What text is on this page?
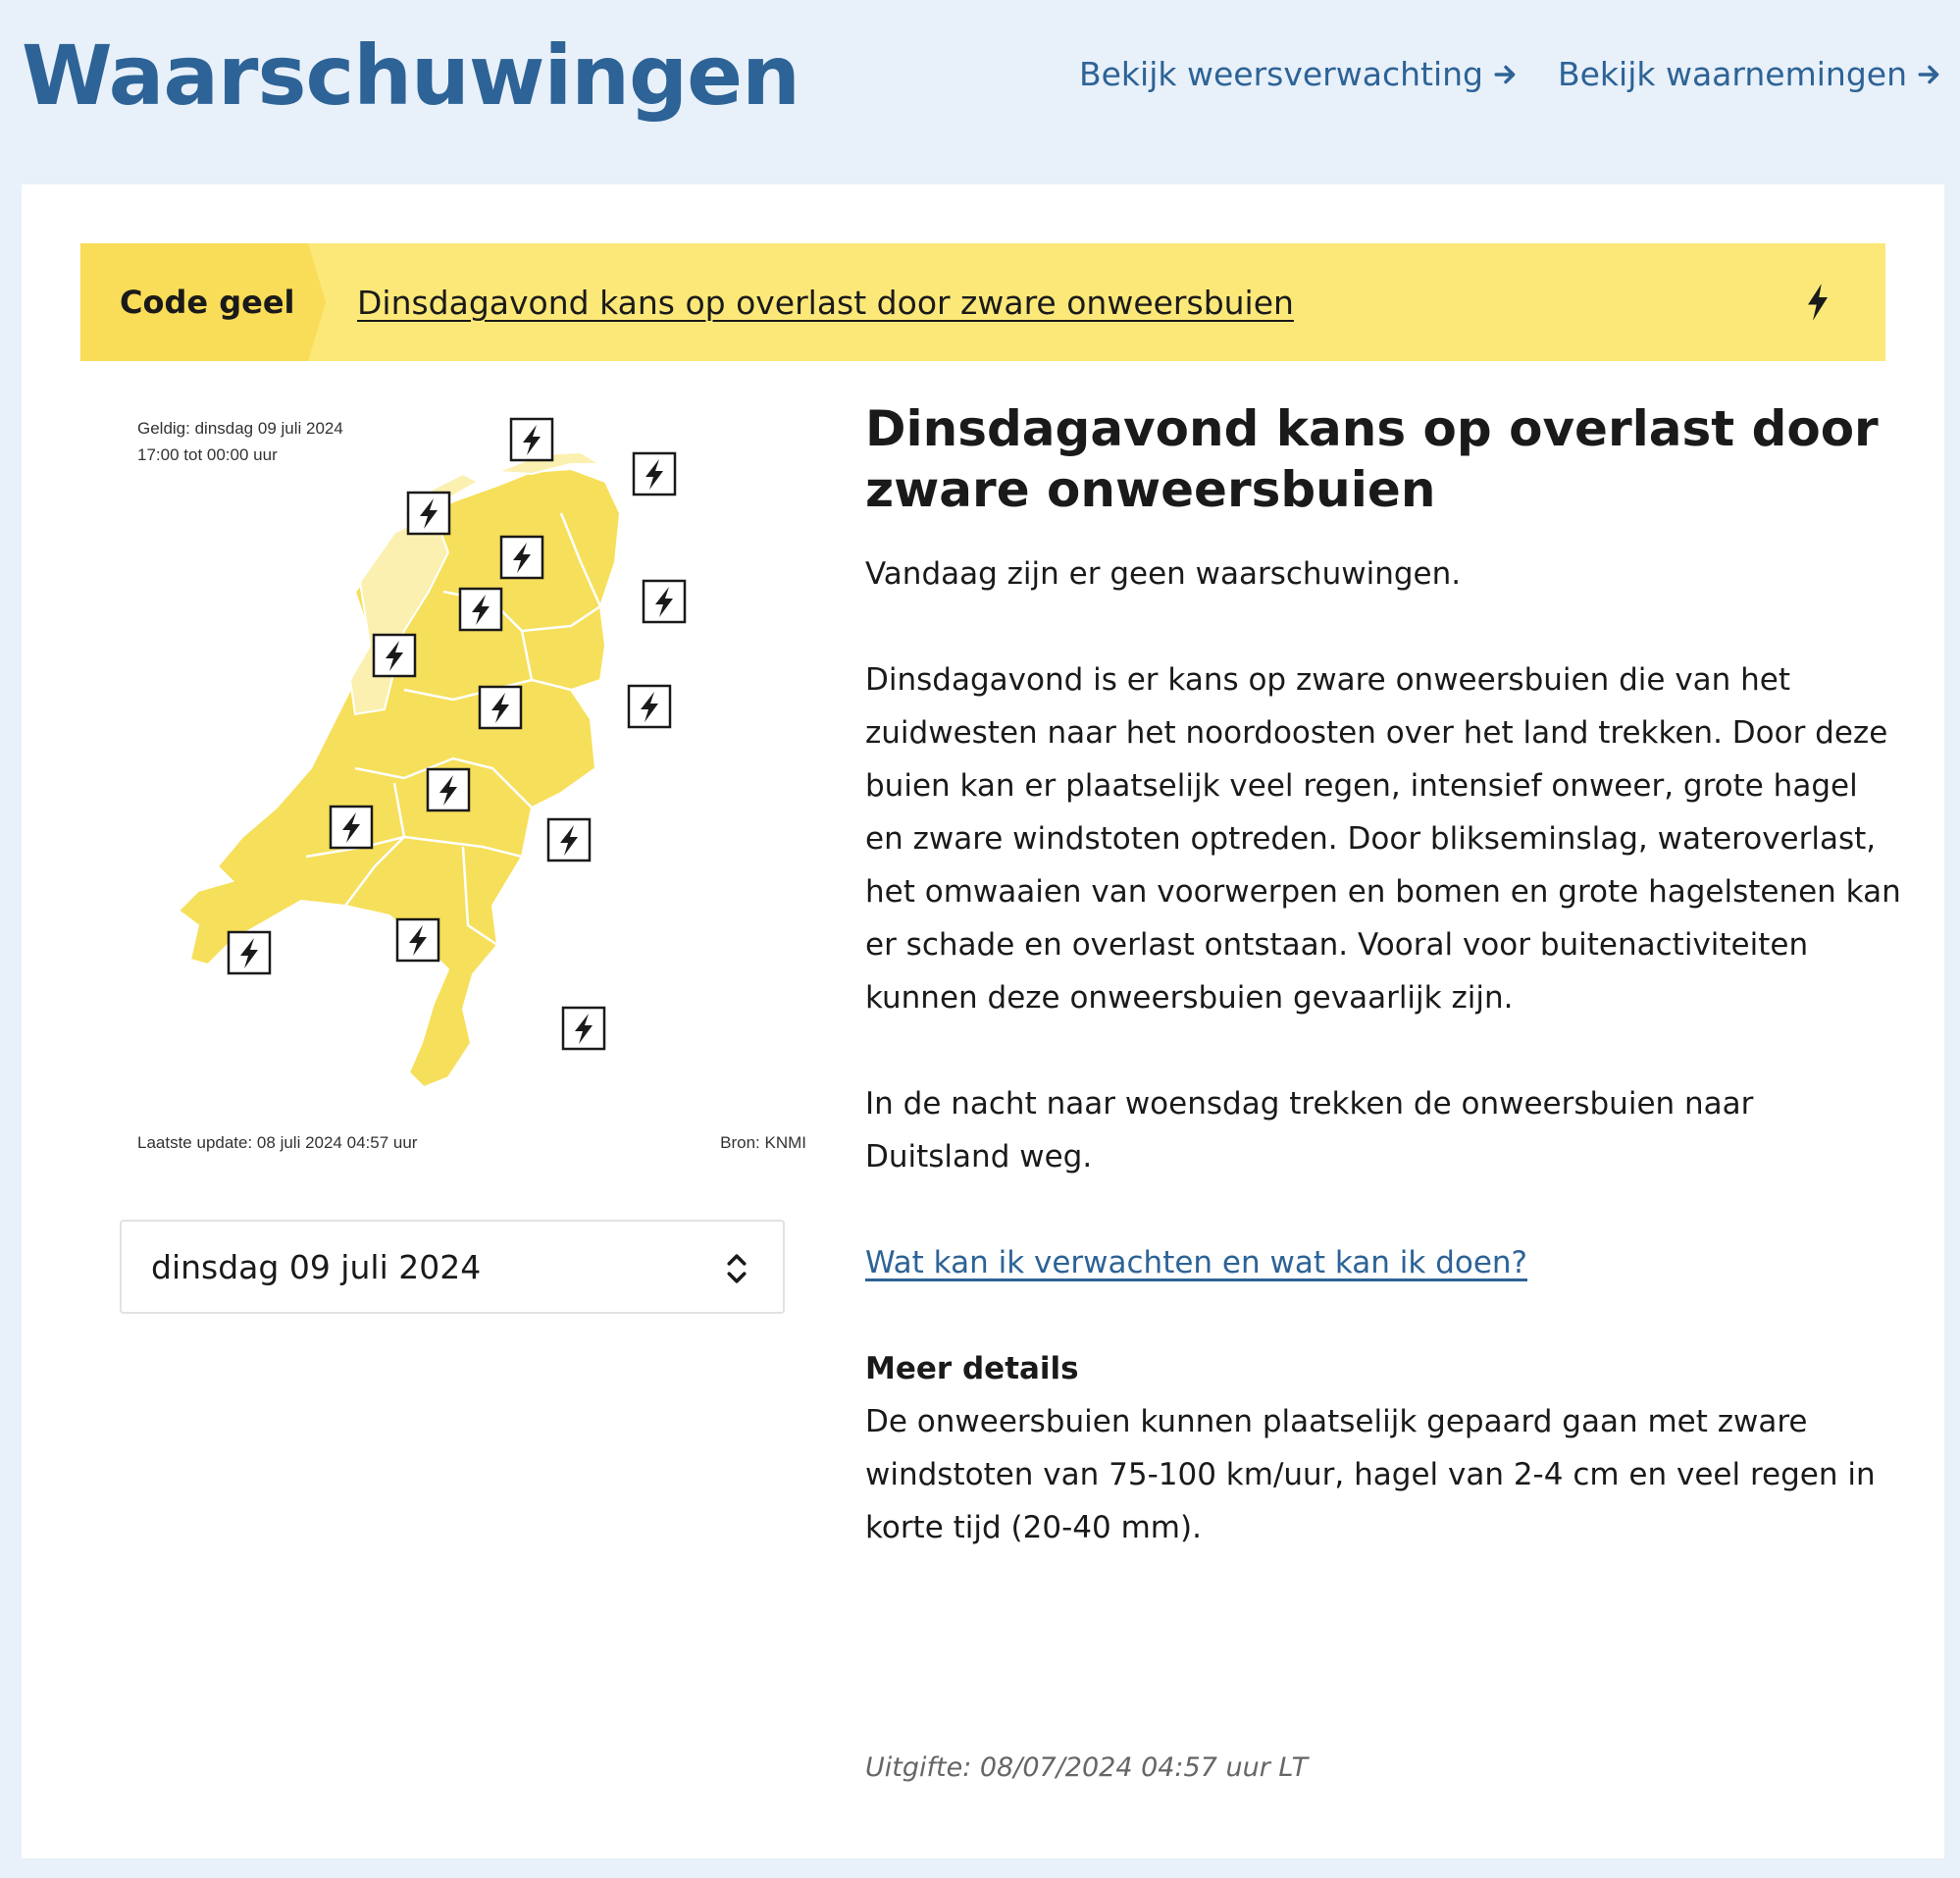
Waarschuwingen	Bekijk weersverwachting Bekijk waarnemingen
Code geel	Dinsdagavond kans op overlast door zware onweersbuien
Geldig: dinsdag 09 juli 2024
17:00 tot 00:00 uur
Laatste update: 08 juli 2024 04:57 uur	Bron: KNMI
dinsdag 09 juli 2024
Dinsdagavond kans op overlast door zware onweersbuien

Vandaag zijn er geen waarschuwingen.

Dinsdagavond is er kans op zware onweersbuien die van het zuidwesten naar het noordoosten over het land trekken. Door deze buien kan er plaatselijk veel regen, intensief onweer, grote hagel en zware windstoten optreden. Door blikseminslag, wateroverlast, het omwaaien van voorwerpen en bomen en grote hagelstenen kan er schade en overlast ontstaan. Vooral voor buitenactiviteiten kunnen deze onweersbuien gevaarlijk zijn.

In de nacht naar woensdag trekken de onweersbuien naar Duitsland weg.

Wat kan ik verwachten en wat kan ik doen?

Meer details

De onweersbuien kunnen plaatselijk gepaard gaan met zware windstoten van 75-100 km/uur, hagel van 2-4 cm en veel regen in korte tijd (20-40 mm).

Uitgifte: 08/07/2024 04:57 uur LT
